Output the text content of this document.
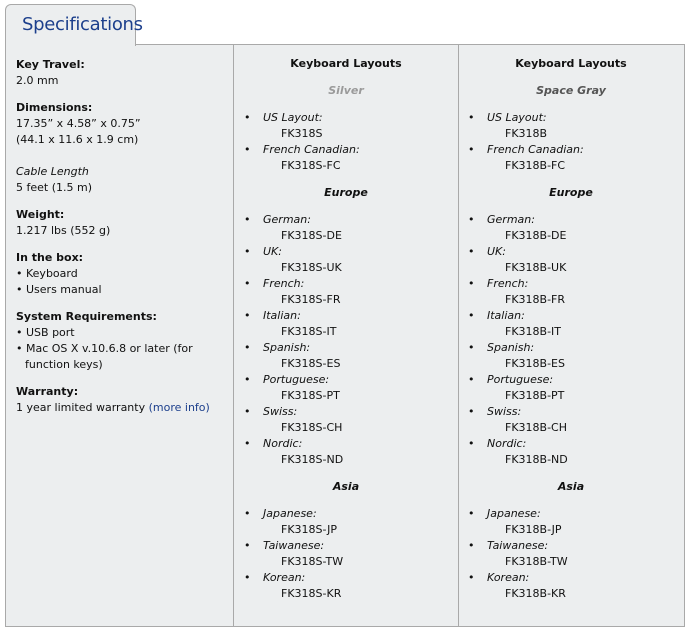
Specifications
Key Travel:
2.0 mm
Dimensions:
17.35” x 4.58” x 0.75”
(44.1 x 11.6 x 1.9 cm)
Cable Length
5 feet (1.5 m)
Weight:
1.217 lbs (552 g)
In the box:
• Keyboard
• Users manual
System Requirements:
• USB port
• Mac OS X v.10.6.8 or later (for
function keys)
Warranty:
1 year limited warranty (more info)
Keyboard Layouts
Silver
• US Layout:
FK318S
• French Canadian:
FK318S-FC
Europe
• German:
FK318S-DE
• UK:
FK318S-UK
• French:
FK318S-FR
• Italian:
FK318S-IT
• Spanish:
FK318S-ES
• Portuguese:
FK318S-PT
• Swiss:
FK318S-CH
• Nordic:
FK318S-ND
Asia
• Japanese:
FK318S-JP
• Taiwanese:
FK318S-TW
• Korean:
FK318S-KR
Keyboard Layouts
Space Gray
• US Layout:
FK318B
• French Canadian:
FK318B-FC
Europe
• German:
FK318B-DE
• UK:
FK318B-UK
• French:
FK318B-FR
• Italian:
FK318B-IT
• Spanish:
FK318B-ES
• Portuguese:
FK318B-PT
• Swiss:
FK318B-CH
• Nordic:
FK318B-ND
Asia
• Japanese:
FK318B-JP
• Taiwanese:
FK318B-TW
• Korean:
FK318B-KR
